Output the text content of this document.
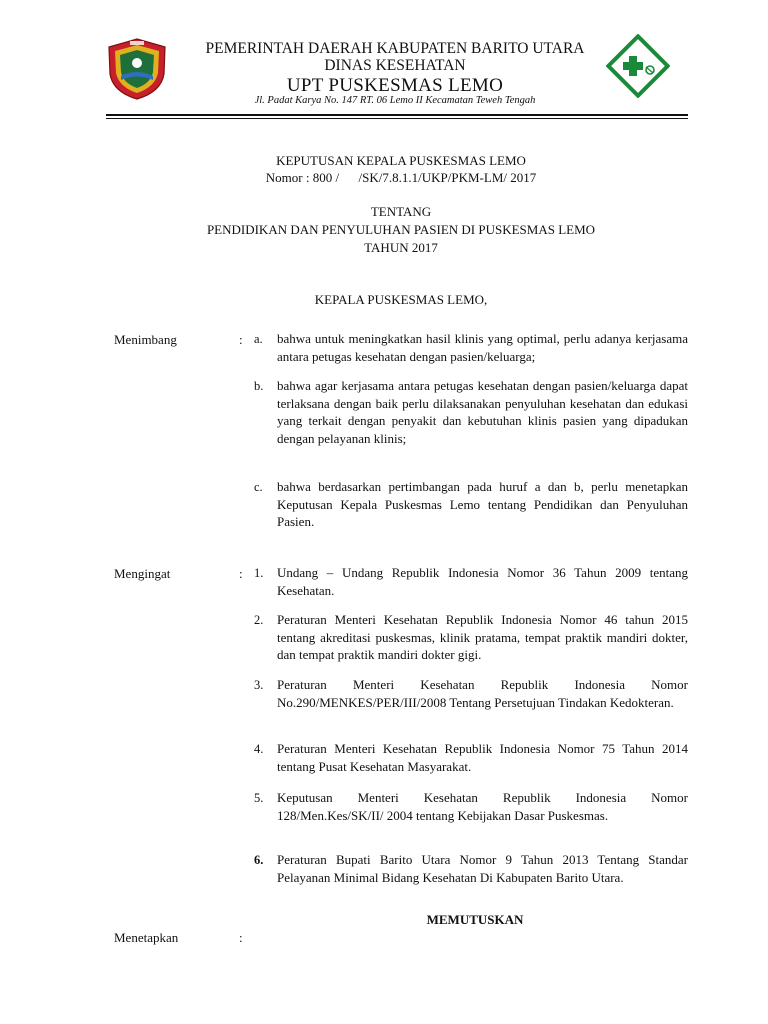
PEMERINTAH DAERAH KABUPATEN BARITO UTARA
DINAS KESEHATAN
UPT PUSKESMAS LEMO
Jl. Padat Karya No. 147 RT. 06 Lemo II Kecamatan Teweh Tengah
KEPUTUSAN KEPALA PUSKESMAS LEMO
Nomor : 800 /      /SK/7.8.1.1/UKP/PKM-LM/ 2017
TENTANG
PENDIDIKAN DAN PENYULUHAN PASIEN DI PUSKESMAS LEMO
TAHUN 2017
KEPALA PUSKESMAS LEMO,
Menimbang	: a. bahwa untuk meningkatkan hasil klinis yang optimal, perlu adanya kerjasama antara petugas kesehatan dengan pasien/keluarga;
b. bahwa agar kerjasama antara petugas kesehatan dengan pasien/keluarga dapat terlaksana dengan baik perlu dilaksanakan penyuluhan kesehatan dan edukasi yang terkait dengan penyakit dan kebutuhan klinis pasien yang dipadukan dengan pelayanan klinis;
c. bahwa berdasarkan pertimbangan pada huruf a dan b, perlu menetapkan Keputusan Kepala Puskesmas Lemo tentang Pendidikan dan Penyuluhan Pasien.
Mengingat	: 1. Undang – Undang Republik Indonesia Nomor 36 Tahun 2009 tentang Kesehatan.
2. Peraturan Menteri Kesehatan Republik Indonesia Nomor 46 tahun 2015 tentang akreditasi puskesmas, klinik pratama, tempat praktik mandiri dokter, dan tempat praktik mandiri dokter gigi.
3. Peraturan Menteri Kesehatan Republik Indonesia Nomor No.290/MENKES/PER/III/2008 Tentang Persetujuan Tindakan Kedokteran.
4. Peraturan Menteri Kesehatan Republik Indonesia Nomor 75 Tahun 2014 tentang Pusat Kesehatan Masyarakat.
5. Keputusan Menteri Kesehatan Republik Indonesia Nomor 128/Men.Kes/SK/II/ 2004 tentang Kebijakan Dasar Puskesmas.
6. Peraturan Bupati Barito Utara Nomor 9 Tahun 2013 Tentang Standar Pelayanan Minimal Bidang Kesehatan Di Kabupaten Barito Utara.
MEMUTUSKAN
Menetapkan	:
